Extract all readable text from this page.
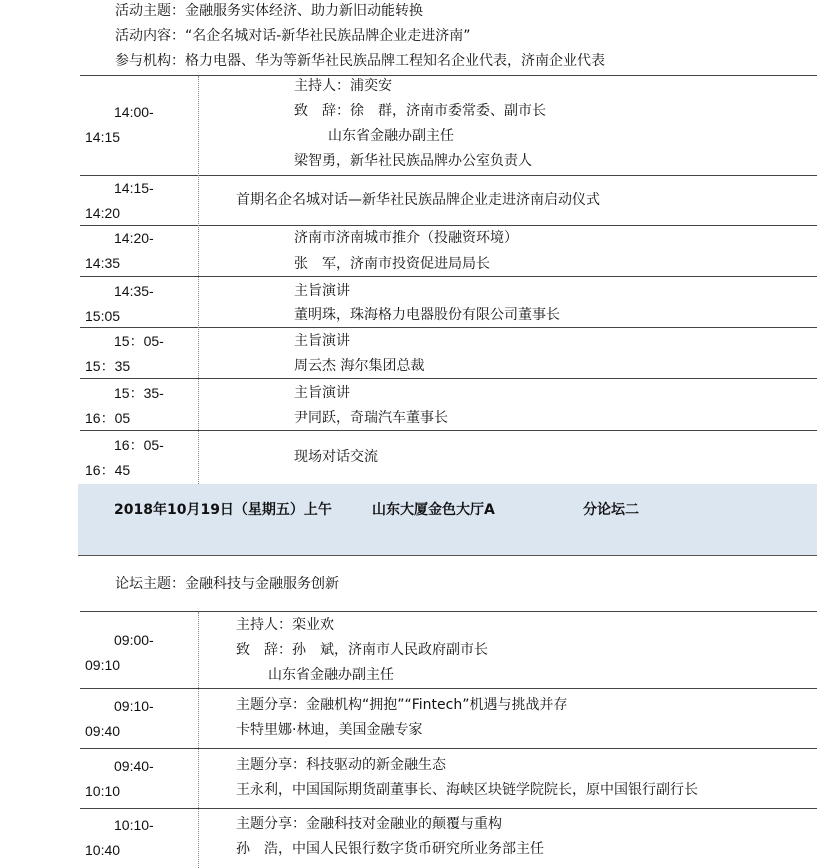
活动主题：金融服务实体经济、助力新旧动能转换
活动内容：“名企名城对话-新华社民族品牌企业走进济南”
参与机构：格力电器、华为等新华社民族品牌工程知名企业代表，济南企业代表
14:00-
14:15
主持人：浦奕安
致　辞：徐　群，济南市委常委、副市长
山东省金融办副主任
梁智勇，新华社民族品牌办公室负责人
14:15-
14:20
首期名企名城对话—新华社民族品牌企业走进济南启动仪式
14:20-
14:35
济南市济南城市推介（投融资环境）
张　军，济南市投资促进局局长
14:35-
15:05
主旨演讲
董明珠，珠海格力电器股份有限公司董事长
15：05-
15：35
主旨演讲
周云杰 海尔集团总裁
15：35-
16：05
主旨演讲
尹同跃，奇瑞汽车董事长
16：05-
16：45
现场对话交流
2018年10月19日（星期五）上午	山东大厦金色大厅A	分论坛二
论坛主题：金融科技与金融服务创新
09:00-
09:10
主持人：栾业欢
致　辞：孙　斌，济南市人民政府副市长
山东省金融办副主任
09:10-
09:40
主题分享：金融机构“拥抱”“Fintech”机遇与挑战并存
卡特里娜·林迪，美国金融专家
09:40-
10:10
主题分享：科技驱动的新金融生态
王永利，中国国际期货副董事长、海峡区块链学院院长，原中国银行副行长
10:10-
10:40
主题分享：金融科技对金融业的颠覆与重构
孙　浩，中国人民银行数字货币研究所业务部主任
